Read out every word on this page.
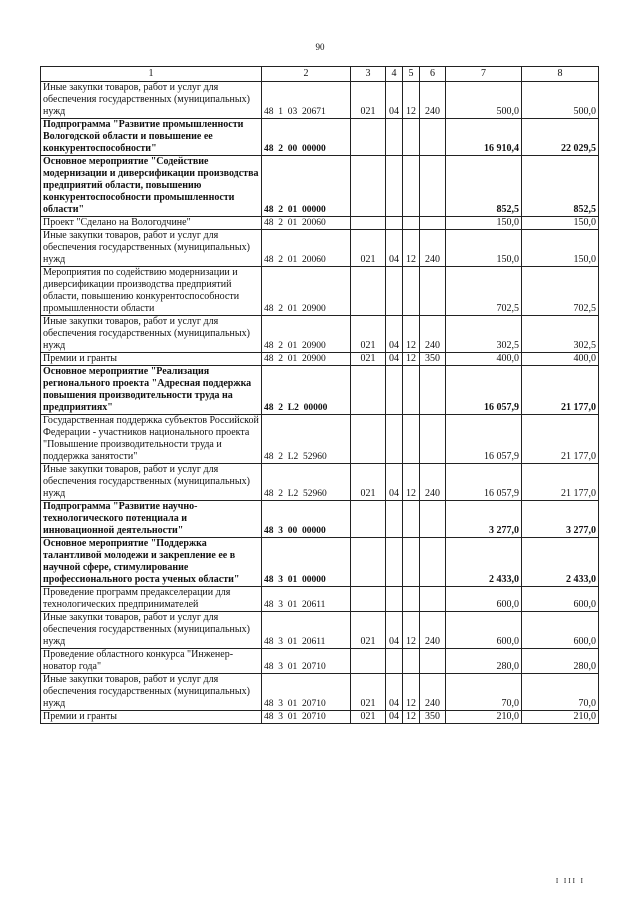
90
1	2	3	4	5	6	7	8
Иные закупки товаров, работ и услуг для обеспечения государственных (муниципальных) нужд	48  1  03  20671	021	04	12	240	500,0	500,0
Подпрограмма "Развитие промышленности Вологодской области и повышение ее конкурентоспособности"	48  2  00  00000					16 910,4	22 029,5
Основное мероприятие "Содействие модернизации и диверсификации производства предприятий области, повышению конкурентоспособности промышленности области"	48  2  01  00000					852,5	852,5
Проект "Сделано на Вологодчине"	48  2  01  20060					150,0	150,0
Иные закупки товаров, работ и услуг для обеспечения государственных (муниципальных) нужд	48  2  01  20060	021	04	12	240	150,0	150,0
Мероприятия по содействию модернизации и диверсификации производства предприятий области, повышению конкурентоспособности промышленности области	48  2  01  20900					702,5	702,5
Иные закупки товаров, работ и услуг для обеспечения государственных (муниципальных) нужд	48  2  01  20900	021	04	12	240	302,5	302,5
Премии и гранты	48  2  01  20900	021	04	12	350	400,0	400,0
Основное мероприятие "Реализация регионального проекта "Адресная поддержка повышения производительности труда на предприятиях"	48  2  L2  00000					16 057,9	21 177,0
Государственная поддержка субъектов Российской Федерации - участников национального проекта "Повышение производительности труда и поддержка занятости"	48  2  L2  52960					16 057,9	21 177,0
Иные закупки товаров, работ и услуг для обеспечения государственных (муниципальных) нужд	48  2  L2  52960	021	04	12	240	16 057,9	21 177,0
Подпрограмма "Развитие научно-технологического потенциала и инновационной деятельности"	48  3  00  00000					3 277,0	3 277,0
Основное мероприятие "Поддержка талантливой молодежи и закрепление ее в научной сфере, стимулирование профессионального роста ученых области"	48  3  01  00000					2 433,0	2 433,0
Проведение программ предакселерации для технологических предпринимателей	48  3  01  20611					600,0	600,0
Иные закупки товаров, работ и услуг для обеспечения государственных (муниципальных) нужд	48  3  01  20611	021	04	12	240	600,0	600,0
Проведение областного конкурса "Инженер-новатор года"	48  3  01  20710					280,0	280,0
Иные закупки товаров, работ и услуг для обеспечения государственных (муниципальных) нужд	48  3  01  20710	021	04	12	240	70,0	70,0
Премии и гранты	48  3  01  20710	021	04	12	350	210,0	210,0
I III I
